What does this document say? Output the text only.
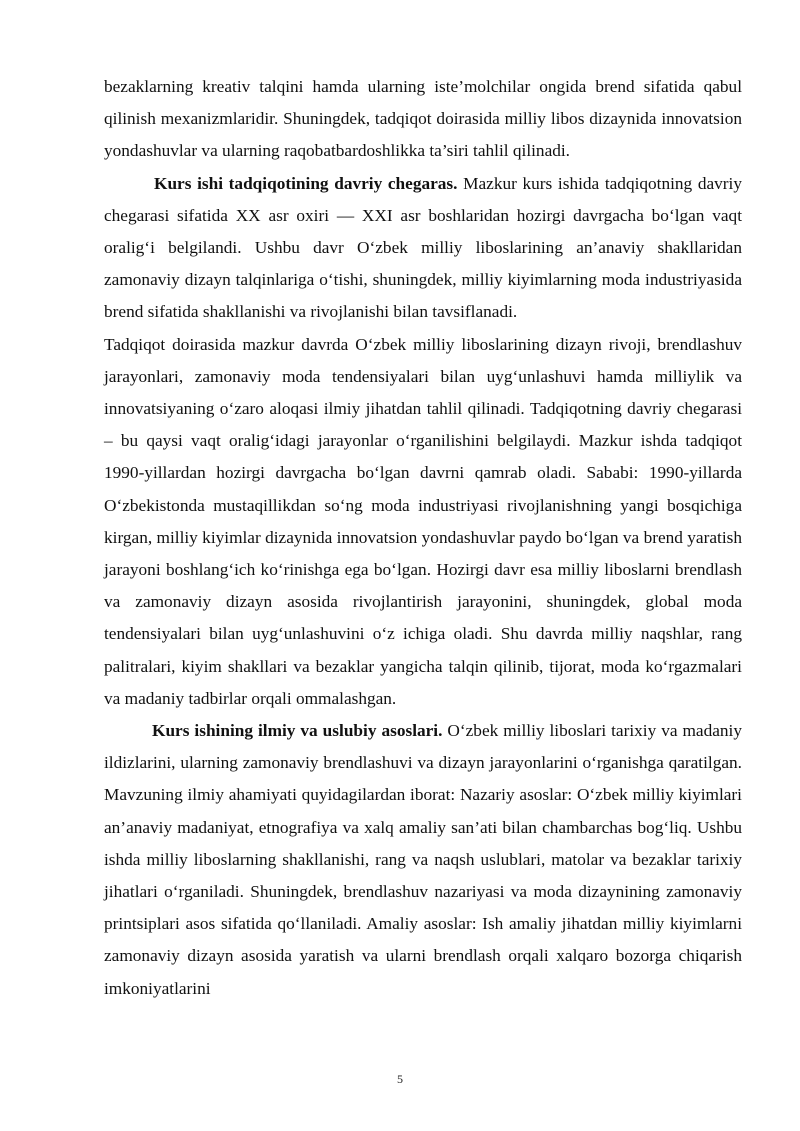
bezaklarning kreativ talqini hamda ularning iste’molchilar ongida brend sifatida qabul qilinish mexanizmlaridir. Shuningdek, tadqiqot doirasida milliy libos dizaynida innovatsion yondashuvlar va ularning raqobatbardoshlikka ta’siri tahlil qilinadi.

Kurs ishi tadqiqotining davriy chegaras. Mazkur kurs ishida tadqiqotning davriy chegarasi sifatida XX asr oxiri — XXI asr boshlaridan hozirgi davrgacha bo‘lgan vaqt oralig‘i belgilandi. Ushbu davr O‘zbek milliy liboslarining an’anaviy shakllaridan zamonaviy dizayn talqinlariga o‘tishi, shuningdek, milliy kiyimlarning moda industriyasida brend sifatida shakllanishi va rivojlanishi bilan tavsiflanadi.

Tadqiqot doirasida mazkur davrda O‘zbek milliy liboslarining dizayn rivoji, brendlashuv jarayonlari, zamonaviy moda tendensiyalari bilan uyg‘unlashuvi hamda milliylik va innovatsiyaning o‘zaro aloqasi ilmiy jihatdan tahlil qilinadi. Tadqiqotning davriy chegarasi – bu qaysi vaqt oralig‘idagi jarayonlar o‘rganilishini belgilaydi. Mazkur ishda tadqiqot 1990-yillardan hozirgi davrgacha bo‘lgan davrni qamrab oladi. Sababi: 1990-yillarda O‘zbekistonda mustaqillikdan so‘ng moda industriyasi rivojlanishning yangi bosqichiga kirgan, milliy kiyimlar dizaynida innovatsion yondashuvlar paydo bo‘lgan va brend yaratish jarayoni boshlang‘ich ko‘rinishga ega bo‘lgan. Hozirgi davr esa milliy liboslarni brendlash va zamonaviy dizayn asosida rivojlantirish jarayonini, shuningdek, global moda tendensiyalari bilan uyg‘unlashuvini o‘z ichiga oladi. Shu davrda milliy naqshlar, rang palitralari, kiyim shakllari va bezaklar yangicha talqin qilinib, tijorat, moda ko‘rgazmalari va madaniy tadbirlar orqali ommalashgan.

Kurs ishining ilmiy va uslubiy asoslari. O‘zbek milliy liboslari tarixiy va madaniy ildizlarini, ularning zamonaviy brendlashuvi va dizayn jarayonlarini o‘rganishga qaratilgan. Mavzuning ilmiy ahamiyati quyidagilardan iborat: Nazariy asoslar: O‘zbek milliy kiyimlari an’anaviy madaniyat, etnografiya va xalq amaliy san’ati bilan chambarchas bog‘liq. Ushbu ishda milliy liboslarning shakllanishi, rang va naqsh uslublari, matolar va bezaklar tarixiy jihatlari o‘rganiladi. Shuningdek, brendlashuv nazariyasi va moda dizaynining zamonaviy printsiplari asos sifatida qo‘llaniladi. Amaliy asoslar: Ish amaliy jihatdan milliy kiyimlarni zamonaviy dizayn asosida yaratish va ularni brendlash orqali xalqaro bozorga chiqarish imkoniyatlarini

5
